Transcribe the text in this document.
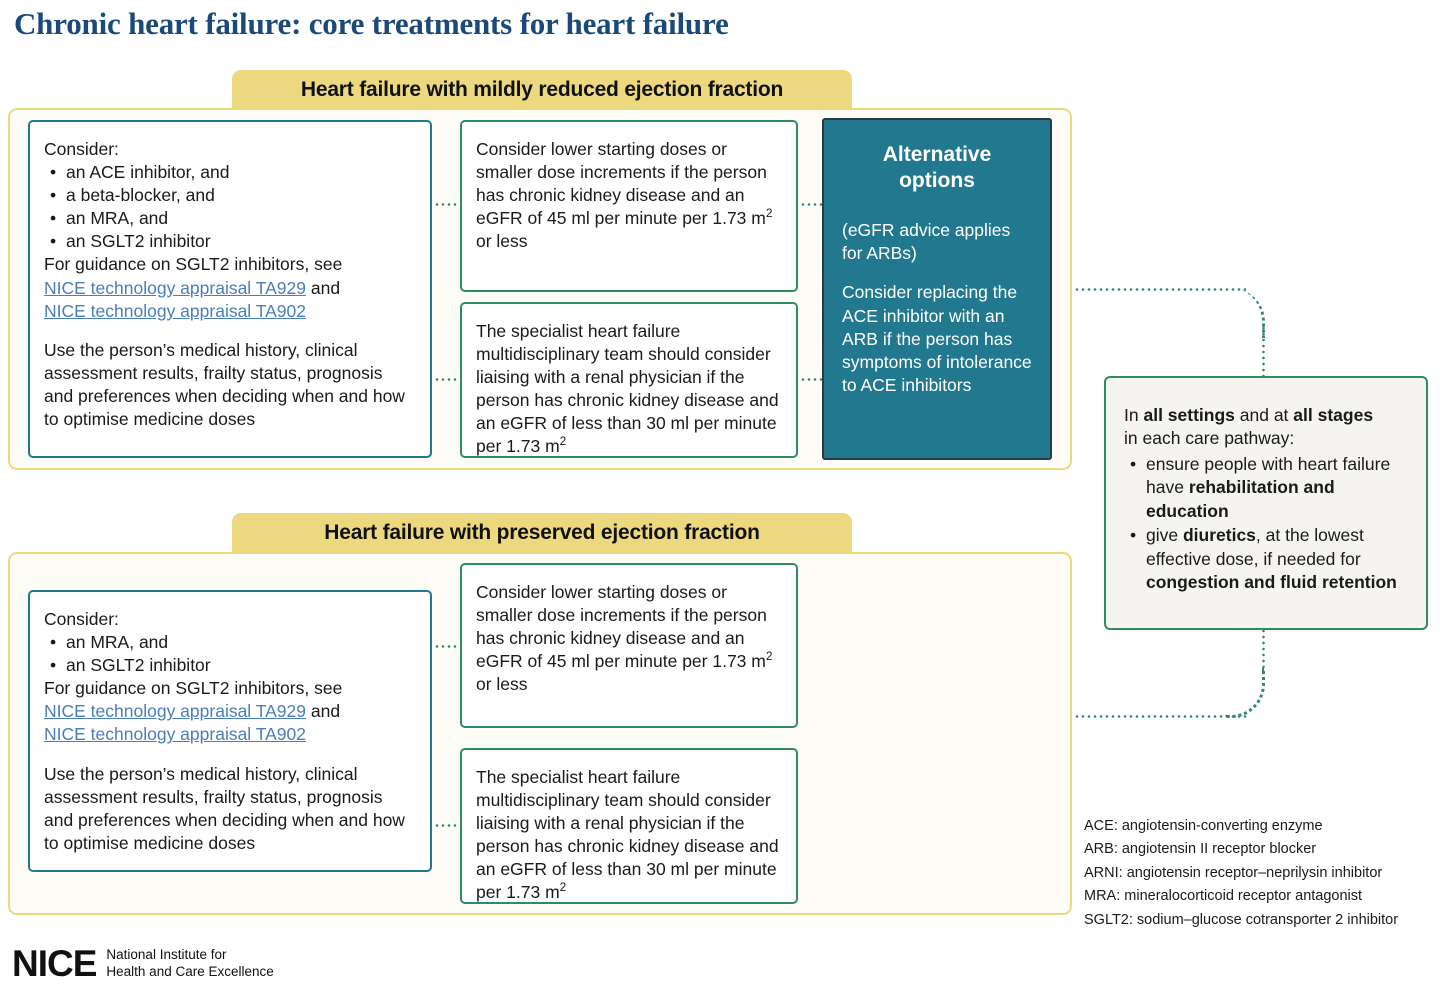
Chronic heart failure: core treatments for heart failure
Heart failure with mildly reduced ejection fraction

Consider:

• an ACE inhibitor, and
• a beta-blocker, and
• an MRA, and
• an SGLT2 inhibitor

For guidance on SGLT2 inhibitors, see

NICE technology appraisal TA929 and

NICE technology appraisal TA902

Use the person’s medical history, clinical assessment results, frailty status, prognosis and preferences when deciding when and how to optimise medicine doses

Consider lower starting doses or smaller dose increments if the person has chronic kidney disease and an eGFR of 45 ml per minute per 1.73 $m^2$ or less

The specialist heart failure multidisciplinary team should consider liaising with a renal physician if the person has chronic kidney disease and an eGFR of less than 30 ml per minute per 1.73 $m^2$

Alternative options

(eGFR advice applies for ARBs)

Consider replacing the ACE inhibitor with an ARB if the person has symptoms of intolerance to ACE inhibitors

Heart failure with preserved ejection fraction

Consider:

• an MRA, and
• an SGLT2 inhibitor

For guidance on SGLT2 inhibitors, see

NICE technology appraisal TA929 and

NICE technology appraisal TA902

Use the person’s medical history, clinical assessment results, frailty status, prognosis and preferences when deciding when and how to optimise medicine doses

Consider lower starting doses or smaller dose increments if the person has chronic kidney disease and an eGFR of 45 ml per minute per 1.73 $m^2$ or less

The specialist heart failure multidisciplinary team should consider liaising with a renal physician if the person has chronic kidney disease and an eGFR of less than 30 ml per minute per 1.73 $m^2$

In all settings and at all stages
in each care pathway:

• ensure people with heart failure have rehabilitation and education
• give diuretics, at the lowest effective dose, if needed for congestion and fluid retention
ACE: angiotensin-converting enzyme
ARB: angiotensin II receptor blocker
ARNI: angiotensin receptor–neprilysin inhibitor
MRA: mineralocorticoid receptor antagonist
SGLT2: sodium–glucose cotransporter 2 inhibitor
NICE National Institute for
Health and Care Excellence
